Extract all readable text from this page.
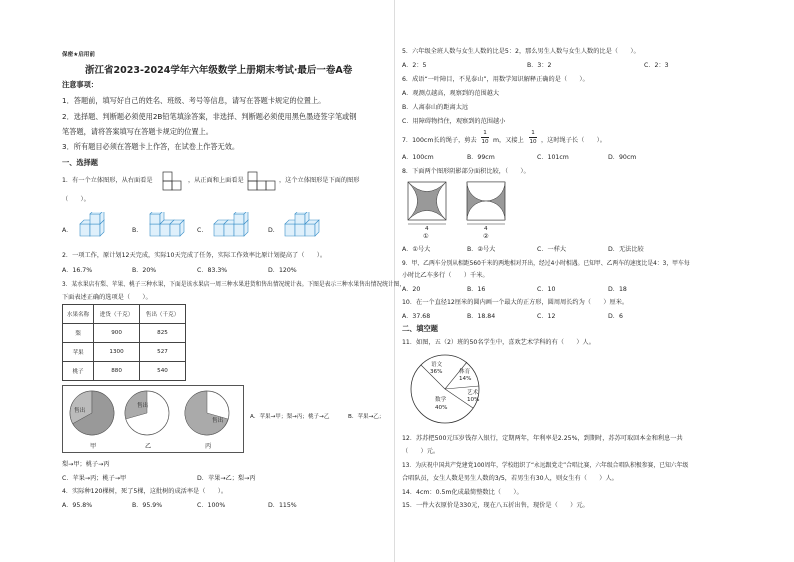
保密★启用前
浙江省2023-2024学年六年级数学上册期末考试·最后一卷A卷
注意事项：
1．答题前，填写好自己的姓名、班级、考号等信息，请写在答题卡规定的位置上。
2．选择题、判断题必须使用2B铅笔填涂答案，非选择、判断题必须使用黑色墨迹签字笔或钢
笔答题，请将答案填写在答题卡规定的位置上。
3．所有题目必须在答题卡上作答，在试卷上作答无效。
一、选择题
1．有一个立体图形，从右面看是	，从正面和上面看是	，这个立体图形是下面的图形
（　　）。
A.	B.	C.	D.
2．一项工作，原计划12天完成，实际10天完成了任务，实际工作效率比原计划提高了（　　）。
A．16.7%	B．20%	C．83.3%	D．120%
3．某水果店有梨、苹果、桃子三种水果，下面是该水果店一周三种水果进货和售出情况统计表。下图是表示三种水果售出情况统计图，
下面表述正确的选项是（　　）。
水果名称	进货（千克）	售出（千克）
梨	900	825
苹果	1300	527
桃子	880	540
售出
售出
售出
甲	乙	丙
A．苹果→甲；梨→丙；桃子→乙	B．苹果→乙；
梨→甲；桃子→丙
C．苹果→丙；桃子→甲	D．苹果→乙；梨→丙
4．实际种120棵树，死了5棵，这批树的成活率是（　　）。
A．95.8%	B．95.9%	C．100%	D．115%
5．六年级全班人数与女生人数的比是5：2，那么男生人数与女生人数的比是（　　）。
A．2：5	B．3：2	C．2：3
6．成语“一叶障目，不见泰山”，用数学知识解释正确的是（　　）。
A．观测点越高，观察到的范围越大
B．人离泰山的距离太远
C．用障碍物挡住，观察到的范围越小
7．100cm长的绳子，剪去
1
10 m，又接上
1
10 ，这时绳子长（　　）。
A．100cm	B．99cm	C．101cm	D．90cm
8．下面两个图形阴影部分面积比较，（　　）。
4	4
①	②
A．①号大	B．②号大	C．一样大	D．无法比较
9．甲、乙两车分别从相距560千米的两地相对开出，经过4小时相遇。已知甲、乙两车的速度比是4：3，甲车每
小时比乙车多行（　　）千米。
A．20	B．16	C．10	D．18
10．在一个直径12厘米的圆内画一个最大的正方形，圆周周长约为（　　）厘米。
A．37.68	B．18.84	C．12	D．6
二、填空题
11．如图，五（2）班的50名学生中，喜欢艺术学科的有（　　）人。
语文
36%	体育
14%
艺术
10%
数学
40%
12．苏苏把500元压岁钱存入银行，定期两年，年利率是2.25%，到期时，苏苏可取回本金和利息一共
（　　）元。
13．为庆祝中国共产党建党100周年，学校组织了“永远跟党走”合唱比赛，六年级合唱队积极参赛，已知六年级
合唱队员，女生人数是男生人数的3/5，若男生有30人，则女生有（　　）人。
14．4cm：0.5m化成最简整数比（　　）。
15．一件大衣原价是330元，现在八五折出售，现价是（　　）元。
